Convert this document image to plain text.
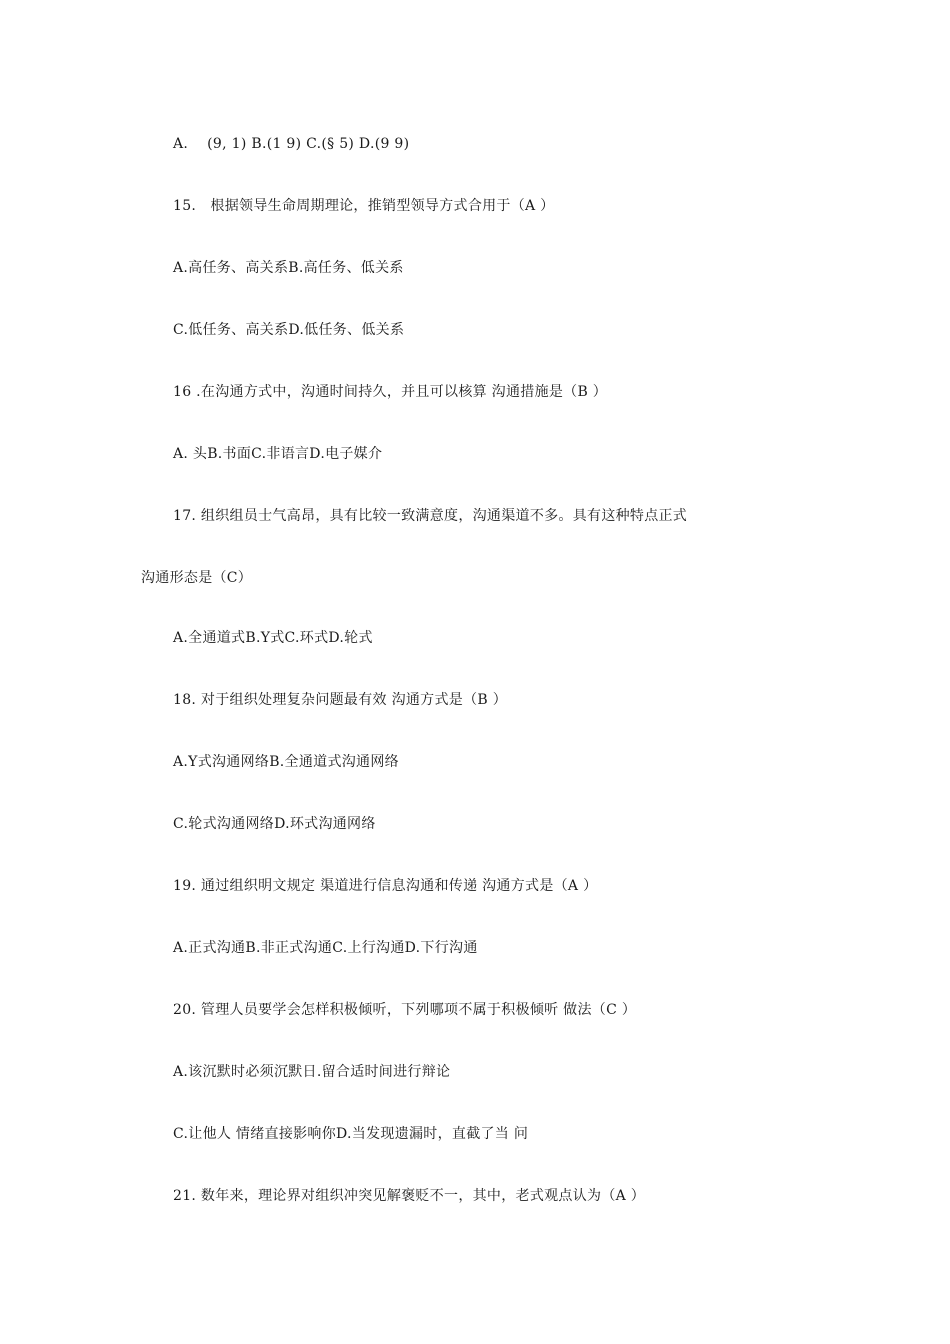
A.    (9, 1) B.(1 9) C.(§ 5) D.(9 9)
15.   根据领导生命周期理论，推销型领导方式合用于（A ）
A.高任务、高关系B.高任务、低关系
C.低任务、高关系D.低任务、低关系
16 .在沟通方式中，沟通时间持久，并且可以核算 沟通措施是（B ）
A. 头B.书面C.非语言D.电子媒介
17. 组织组员士气高昂，具有比较一致满意度，沟通渠道不多。具有这种特点正式
沟通形态是（C）
A.全通道式B.Y式C.环式D.轮式
18. 对于组织处理复杂问题最有效 沟通方式是（B ）
A.Y式沟通网络B.全通道式沟通网络
C.轮式沟通网络D.环式沟通网络
19. 通过组织明文规定 渠道进行信息沟通和传递 沟通方式是（A ）
A.正式沟通B.非正式沟通C.上行沟通D.下行沟通
20. 管理人员要学会怎样积极倾听，下列哪项不属于积极倾听 做法（C ）
A.该沉默时必须沉默日.留合适时间进行辩论
C.让他人 情绪直接影响你D.当发现遗漏时，直截了当 问
21. 数年来，理论界对组织冲突见解褒贬不一，其中，老式观点认为（A ）
